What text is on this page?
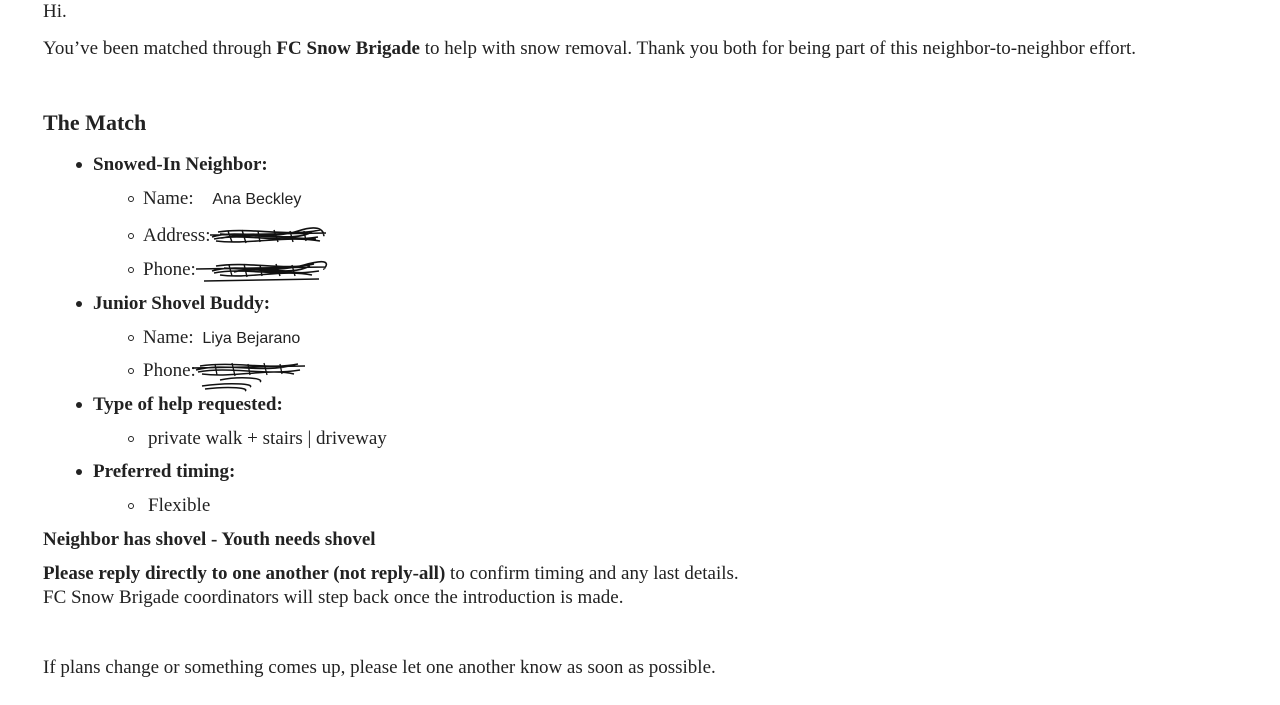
Hi.

You’ve been matched through FC Snow Brigade to help with snow removal. Thank you both for being part of this neighbor-to-neighbor effort.

The Match
Snowed-In Neighbor:
Name: Ana Beckley
Address:
Phone:
Junior Shovel Buddy:
Name: Liya Bejarano
Phone:
Type of help requested:
private walk + stairs | driveway
Preferred timing:
Flexible
Neighbor has shovel - Youth needs shovel

Please reply directly to one another (not reply-all) to confirm timing and any last details.

FC Snow Brigade coordinators will step back once the introduction is made.

If plans change or something comes up, please let one another know as soon as possible.
